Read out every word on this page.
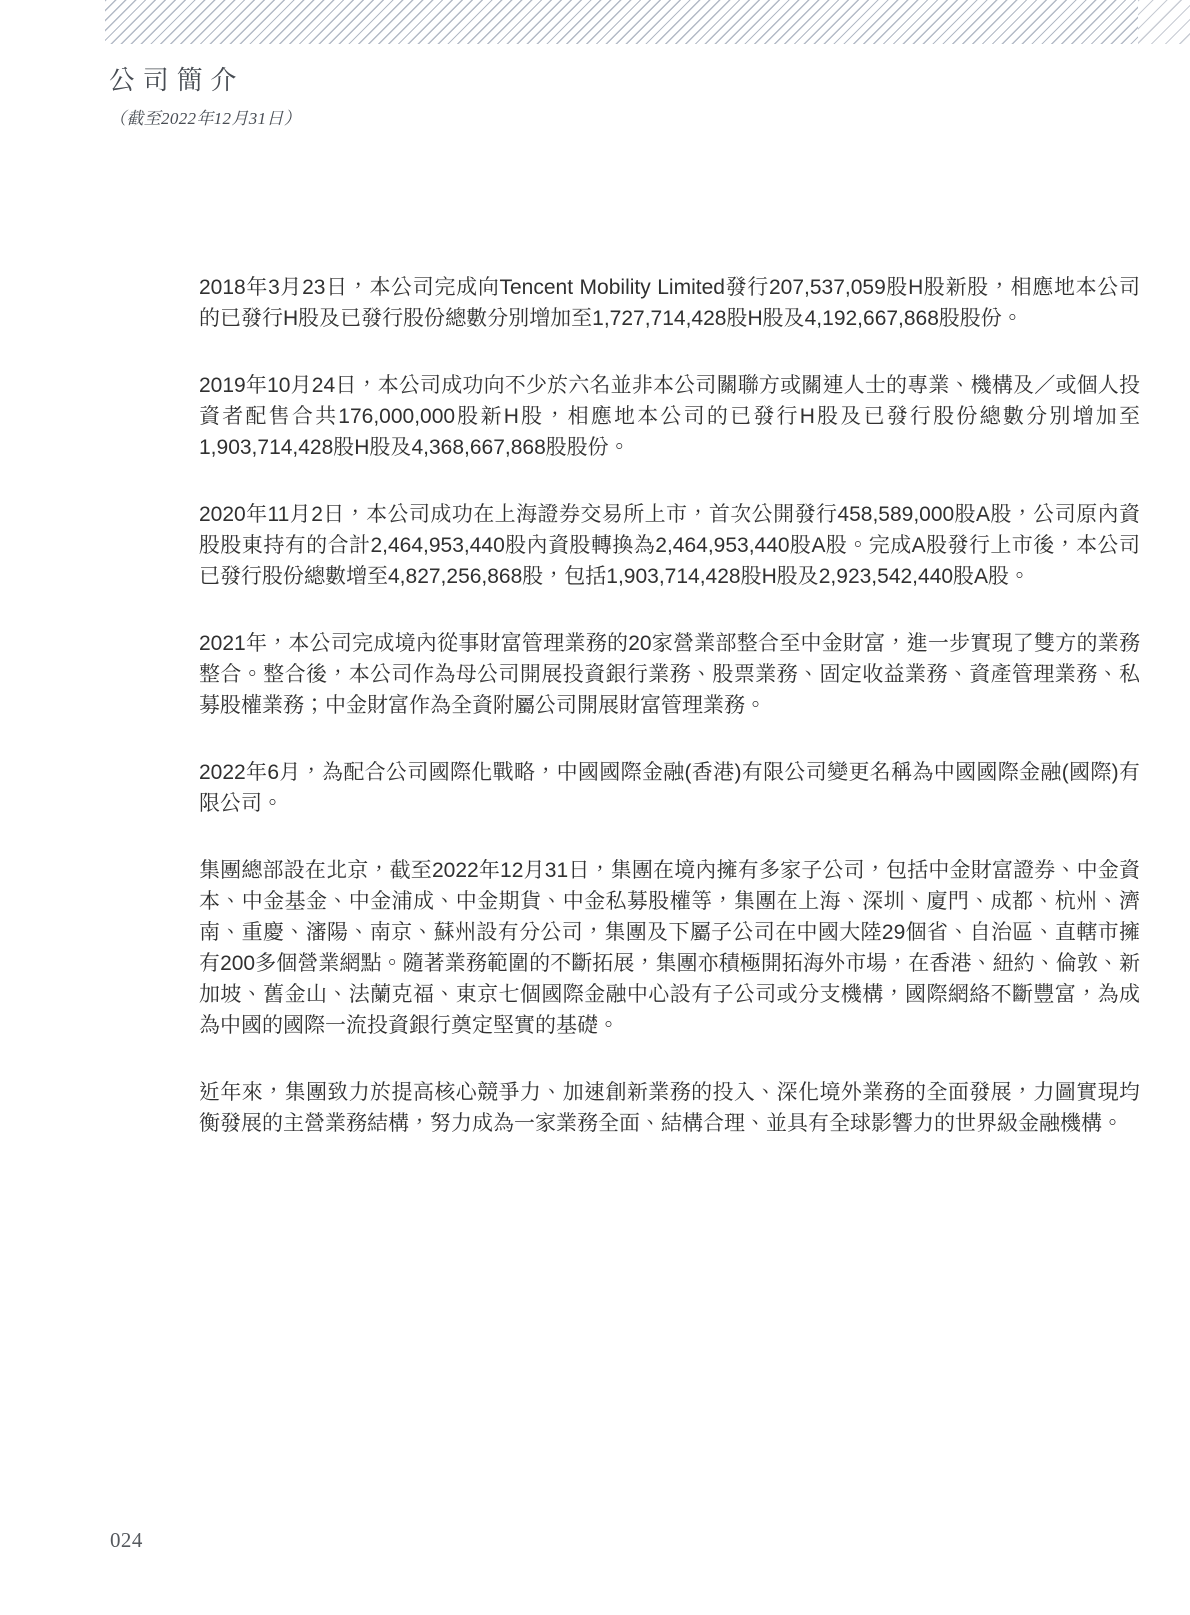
公司簡介
（截至2022年12月31日）

2018年3月23日，本公司完成向Tencent Mobility Limited發行207,537,059股H股新股，相應地本公司的已發行H股及已發行股份總數分別增加至1,727,714,428股H股及4,192,667,868股股份。

2019年10月24日，本公司成功向不少於六名並非本公司關聯方或關連人士的專業、機構及／或個人投資者配售合共176,000,000股新H股，相應地本公司的已發行H股及已發行股份總數分別增加至1,903,714,428股H股及4,368,667,868股股份。

2020年11月2日，本公司成功在上海證券交易所上市，首次公開發行458,589,000股A股，公司原內資股股東持有的合計2,464,953,440股內資股轉換為2,464,953,440股A股。完成A股發行上市後，本公司已發行股份總數增至4,827,256,868股，包括1,903,714,428股H股及2,923,542,440股A股。

2021年，本公司完成境內從事財富管理業務的20家營業部整合至中金財富，進一步實現了雙方的業務整合。整合後，本公司作為母公司開展投資銀行業務、股票業務、固定收益業務、資產管理業務、私募股權業務；中金財富作為全資附屬公司開展財富管理業務。

2022年6月，為配合公司國際化戰略，中國國際金融(香港)有限公司變更名稱為中國國際金融(國際)有限公司。

集團總部設在北京，截至2022年12月31日，集團在境內擁有多家子公司，包括中金財富證券、中金資本、中金基金、中金浦成、中金期貨、中金私募股權等，集團在上海、深圳、廈門、成都、杭州、濟南、重慶、瀋陽、南京、蘇州設有分公司，集團及下屬子公司在中國大陸29個省、自治區、直轄市擁有200多個營業網點。隨著業務範圍的不斷拓展，集團亦積極開拓海外市場，在香港、紐約、倫敦、新加坡、舊金山、法蘭克福、東京七個國際金融中心設有子公司或分支機構，國際網絡不斷豐富，為成為中國的國際一流投資銀行奠定堅實的基礎。

近年來，集團致力於提高核心競爭力、加速創新業務的投入、深化境外業務的全面發展，力圖實現均衡發展的主營業務結構，努力成為一家業務全面、結構合理、並具有全球影響力的世界級金融機構。

024
